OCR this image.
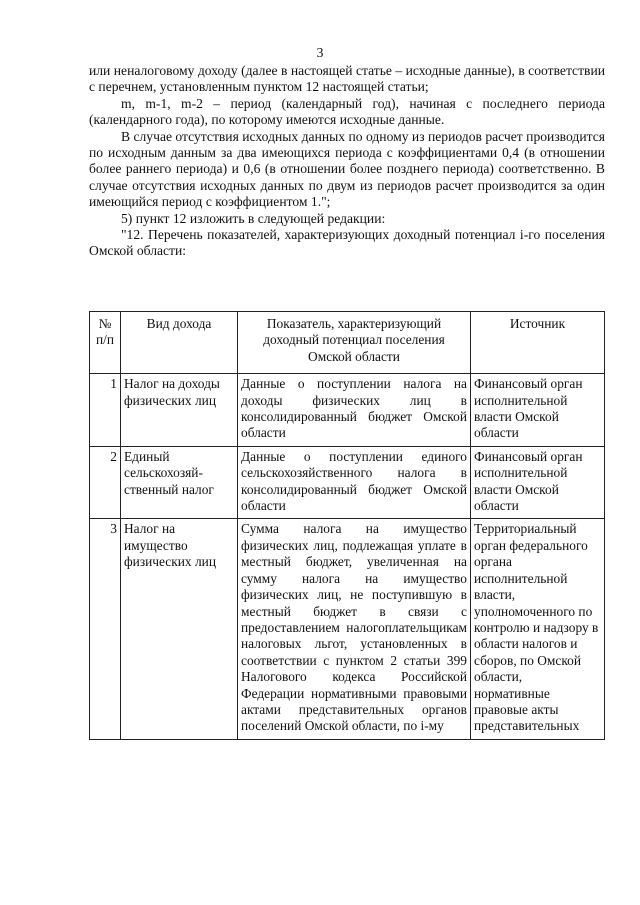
3

или неналоговому доходу (далее в настоящей статье – исходные данные), в соответствии с перечнем, установленным пунктом 12 настоящей статьи;

m, m-1, m-2 – период (календарный год), начиная с последнего периода (календарного года), по которому имеются исходные данные.

В случае отсутствия исходных данных по одному из периодов расчет производится по исходным данным за два имеющихся периода с коэффициентами 0,4 (в отношении более раннего периода) и 0,6 (в отношении более позднего периода) соответственно. В случае отсутствия исходных данных по двум из периодов расчет производится за один имеющийся период с коэффициентом 1.";

5) пункт 12 изложить в следующей редакции:

"12. Перечень показателей, характеризующих доходный потенциал i-го поселения Омской области:

№ п/п	Вид дохода	Показатель, характеризующий доходный потенциал поселения Омской области	Источник
1	Налог на доходы физических лиц	Данные о поступлении налога на доходы физических лиц в консолидированный бюджет Омской области	Финансовый орган исполнительной власти Омской области
2	Единый сельскохозяйственный налог	Данные о поступлении единого сельскохозяйственного налога в консолидированный бюджет Омской области	Финансовый орган исполнительной власти Омской области
3	Налог на имущество физических лиц	Сумма налога на имущество физических лиц, подлежащая уплате в местный бюджет, увеличенная на сумму налога на имущество физических лиц, не поступившую в местный бюджет в связи с предоставлением налогоплательщикам налоговых льгот, установленных в соответствии с пунктом 2 статьи 399 Налогового кодекса Российской Федерации нормативными правовыми актами представительных органов поселений Омской области, по i-му	Территориальный орган федерального органа исполнительной власти, уполномоченного по контролю и надзору в области налогов и сборов, по Омской области, нормативные правовые акты представительных
